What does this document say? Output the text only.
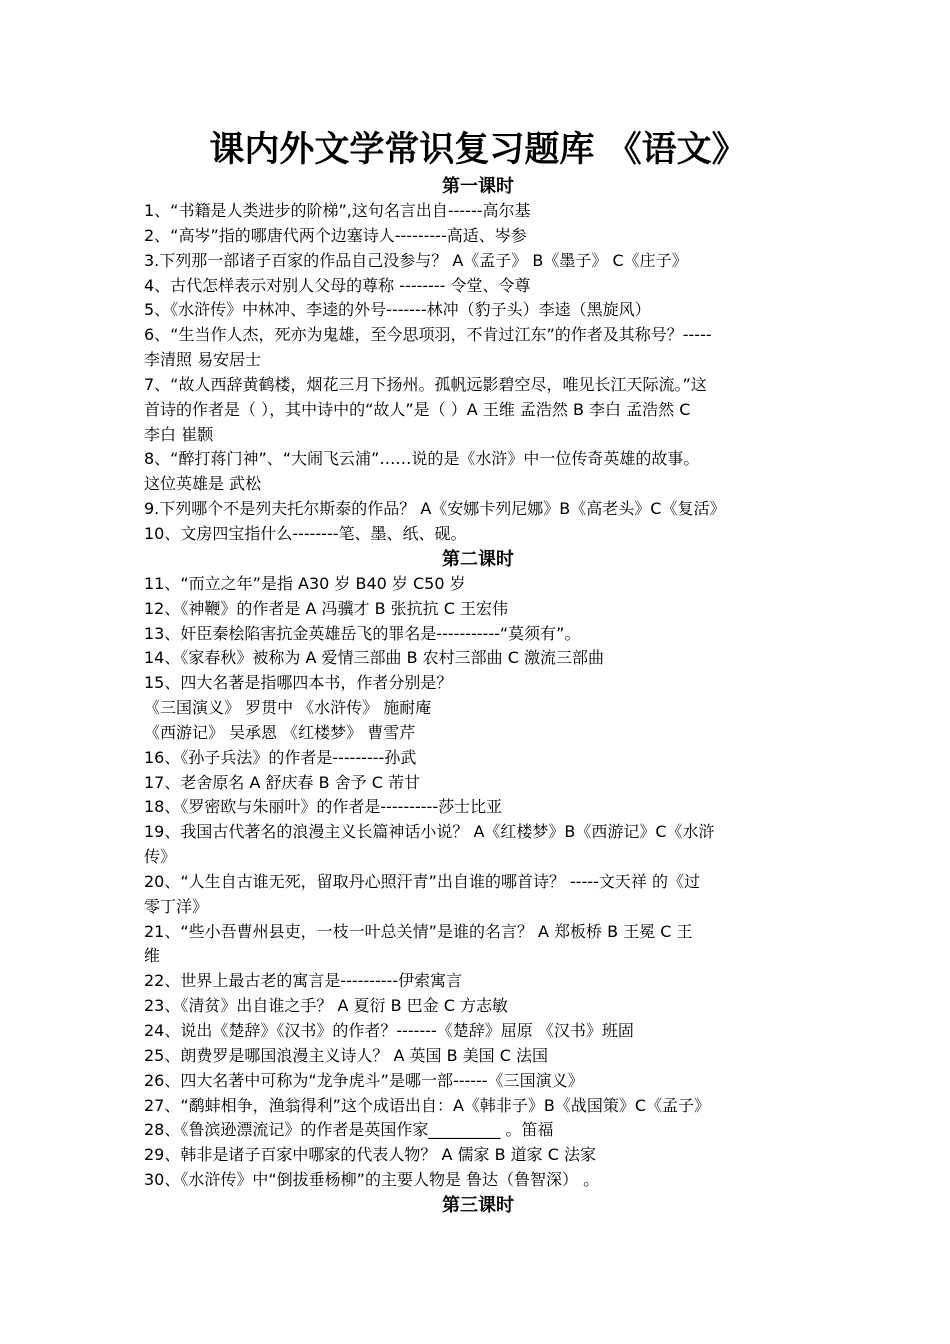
课内外文学常识复习题库 《语文》
第一课时

1、“书籍是人类进步的阶梯”,这句名言出自------高尔基

2、“高岑”指的哪唐代两个边塞诗人---------高适、岑参

3.下列那一部诸子百家的作品自己没参与？ A《孟子》 B《墨子》 C《庄子》

4、古代怎样表示对别人父母的尊称 -------- 令堂、令尊

5、《水浒传》中林冲、李逵的外号-------林冲（豹子头）李逵（黑旋风）

6、“生当作人杰，死亦为鬼雄，至今思项羽，不肯过江东”的作者及其称号？-----

李清照 易安居士

7、“故人西辞黄鹤楼，烟花三月下扬州。孤帆远影碧空尽，唯见长江天际流。”这

首诗的作者是（ ），其中诗中的“故人”是（ ）A 王维 孟浩然 B 李白 孟浩然 C

李白 崔颢

8、“醉打蒋门神”、“大闹飞云浦”……说的是《水浒》中一位传奇英雄的故事。

这位英雄是 武松

9.下列哪个不是列夫托尔斯泰的作品？ A《安娜卡列尼娜》B《高老头》C《复活》

10、文房四宝指什么--------笔、墨、纸、砚。

第二课时

11、“而立之年”是指 A30 岁 B40 岁 C50 岁

12、《神鞭》的作者是 A 冯骥才 B 张抗抗 C 王宏伟

13、奸臣秦桧陷害抗金英雄岳飞的罪名是-----------“莫须有”。

14、《家春秋》被称为 A 爱情三部曲 B 农村三部曲 C 激流三部曲

15、四大名著是指哪四本书，作者分别是？

《三国演义》 罗贯中 《水浒传》 施耐庵

《西游记》 吴承恩 《红楼梦》 曹雪芹

16、《孙子兵法》的作者是---------孙武

17、老舍原名 A 舒庆春 B 舍予 C 芾甘

18、《罗密欧与朱丽叶》的作者是----------莎士比亚

19、我国古代著名的浪漫主义长篇神话小说？ A《红楼梦》B《西游记》C《水浒

传》

20、“人生自古谁无死，留取丹心照汗青”出自谁的哪首诗？ -----文天祥 的《过

零丁洋》

21、“些小吾曹州县吏，一枝一叶总关情”是谁的名言？ A 郑板桥 B 王冕 C 王

维

22、世界上最古老的寓言是----------伊索寓言

23、《清贫》出自谁之手？ A 夏衍 B 巴金 C 方志敏

24、说出《楚辞》《汉书》的作者？-------《楚辞》屈原 《汉书》班固

25、朗费罗是哪国浪漫主义诗人？ A 英国 B 美国 C 法国

26、四大名著中可称为“龙争虎斗”是哪一部------《三国演义》

27、“鹬蚌相争，渔翁得利”这个成语出自：A《韩非子》B《战国策》C《孟子》

28、《鲁滨逊漂流记》的作者是英国作家_________ 。笛福

29、韩非是诸子百家中哪家的代表人物？ A 儒家 B 道家 C 法家

30、《水浒传》中“倒拔垂杨柳”的主要人物是 鲁达（鲁智深） 。

第三课时
